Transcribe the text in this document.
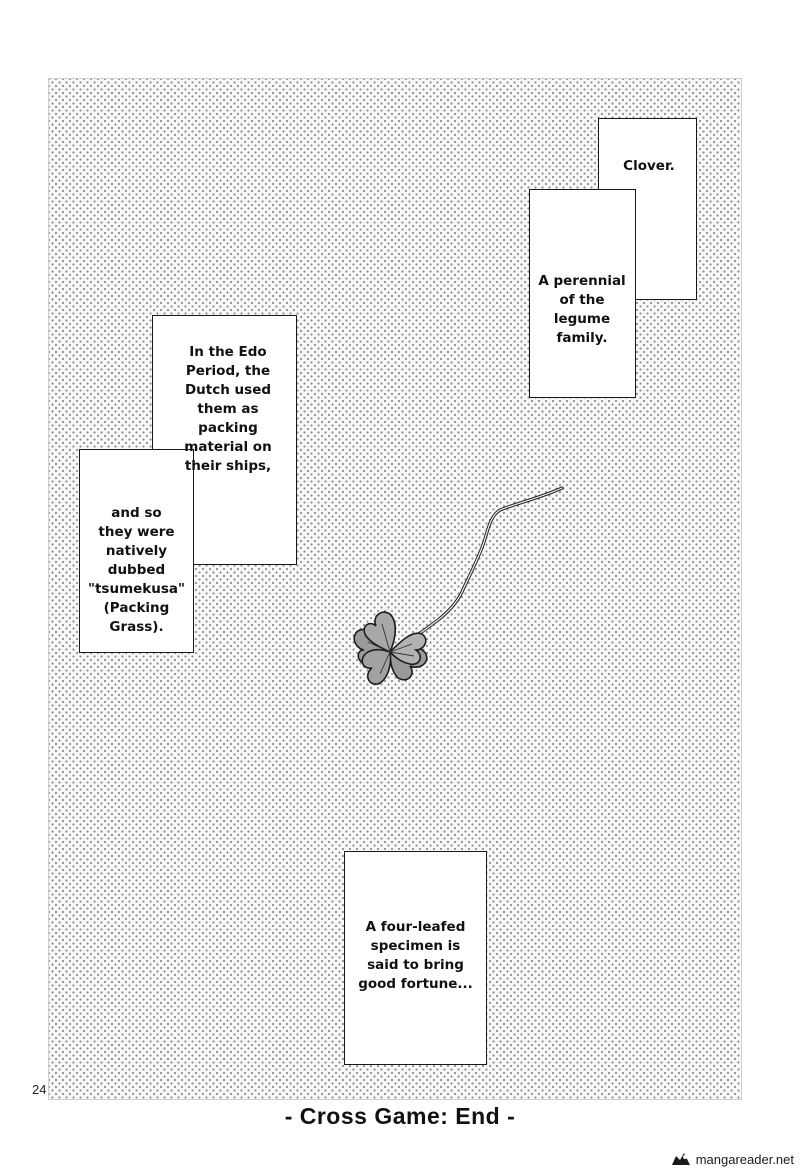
Clover.

A perennial
of the
legume
family.
In the Edo
Period, the
Dutch used
them as
packing
material on
their ships,
and so
they were
natively
dubbed
"tsumekusa"
(Packing
Grass).
A four-leafed
specimen is
said to bring
good fortune...
24
- Cross Game: End -
mangareader.net
